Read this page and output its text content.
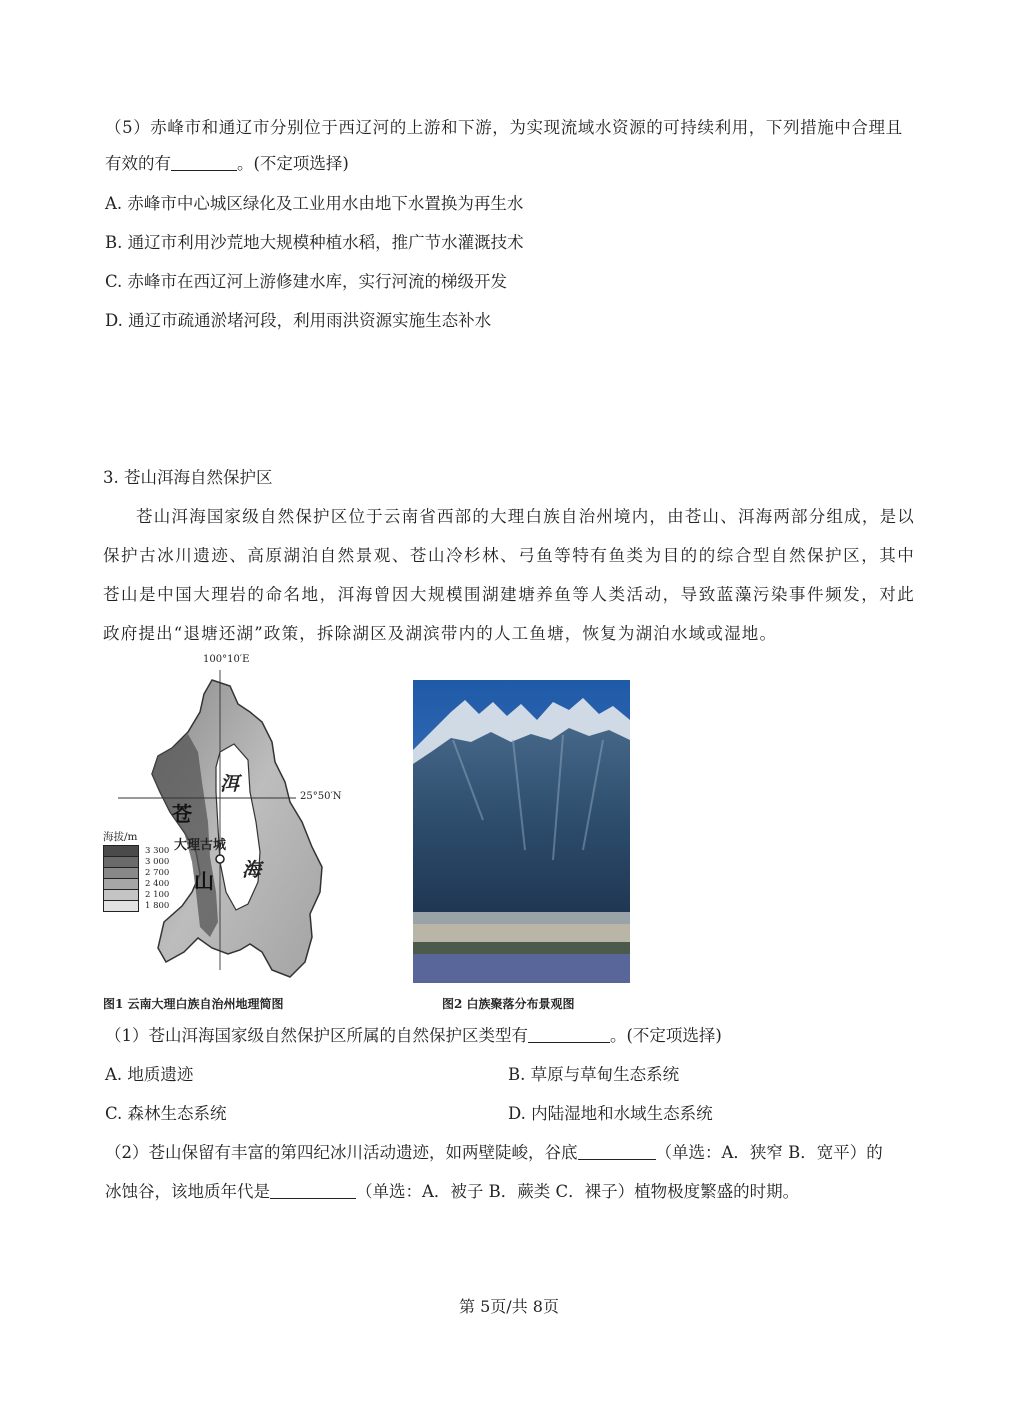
（5）赤峰市和通辽市分别位于西辽河的上游和下游，为实现流域水资源的可持续利用，下列措施中合理且
有效的有	。(不定项选择)
A. 赤峰市中心城区绿化及工业用水由地下水置换为再生水
B. 通辽市利用沙荒地大规模种植水稻，推广节水灌溉技术
C. 赤峰市在西辽河上游修建水库，实行河流的梯级开发
D. 通辽市疏通淤堵河段，利用雨洪资源实施生态补水
3. 苍山洱海自然保护区
苍山洱海国家级自然保护区位于云南省西部的大理白族自治州境内，由苍山、洱海两部分组成，是以保护古冰川遗迹、高原湖泊自然景观、苍山冷杉林、弓鱼等特有鱼类为目的的综合型自然保护区，其中苍山是中国大理岩的命名地，洱海曾因大规模围湖建塘养鱼等人类活动，导致蓝藻污染事件频发，对此政府提出“退塘还湖”政策，拆除湖区及湖滨带内的人工鱼塘，恢复为湖泊水域或湿地。
100°10′E
25°50′N
洱
苍
大理古城
海
山
海拔/m
3 300
3 000
2 700
2 400
2 100
1 800
图1 云南大理白族自治州地理简图	图2 白族聚落分布景观图
（1）苍山洱海国家级自然保护区所属的自然保护区类型有	。(不定项选择)
A. 地质遗迹	B. 草原与草甸生态系统
C. 森林生态系统	D. 内陆湿地和水域生态系统
（2）苍山保留有丰富的第四纪冰川活动遗迹，如两壁陡峻，谷底	（单选：A．狭窄 B．宽平）的
冰蚀谷，该地质年代是	（单选：A．被子 B．蕨类 C．裸子）植物极度繁盛的时期。
第 5页/共 8页
